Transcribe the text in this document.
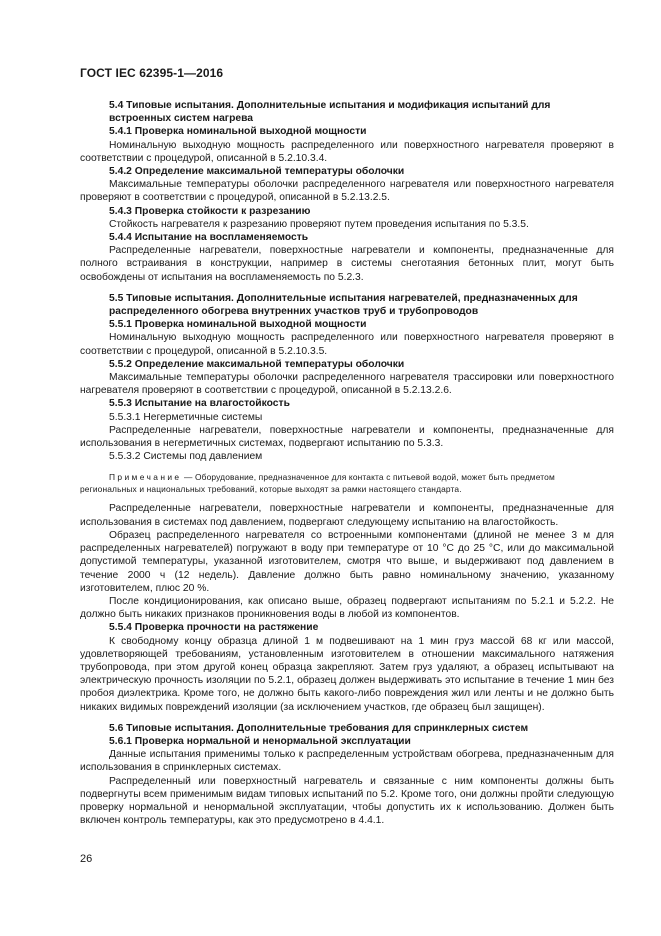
ГОСТ IEC 62395-1—2016
5.4 Типовые испытания. Дополнительные испытания и модификация испытаний для встроенных систем нагрева
5.4.1 Проверка номинальной выходной мощности
Номинальную выходную мощность распределенного или поверхностного нагревателя проверяют в соответствии с процедурой, описанной в 5.2.10.3.4.
5.4.2 Определение максимальной температуры оболочки
Максимальные температуры оболочки распределенного нагревателя или поверхностного нагревателя проверяют в соответствии с процедурой, описанной в 5.2.13.2.5.
5.4.3 Проверка стойкости к разрезанию
Стойкость нагревателя к разрезанию проверяют путем проведения испытания по 5.3.5.
5.4.4 Испытание на воспламеняемость
Распределенные нагреватели, поверхностные нагреватели и компоненты, предназначенные для полного встраивания в конструкции, например в системы снеготаяния бетонных плит, могут быть освобождены от испытания на воспламеняемость по 5.2.3.
5.5 Типовые испытания. Дополнительные испытания нагревателей, предназначенных для распределенного обогрева внутренних участков труб и трубопроводов
5.5.1 Проверка номинальной выходной мощности
Номинальную выходную мощность распределенного или поверхностного нагревателя проверяют в соответствии с процедурой, описанной в 5.2.10.3.5.
5.5.2 Определение максимальной температуры оболочки
Максимальные температуры оболочки распределенного нагревателя трассировки или поверхностного нагревателя проверяют в соответствии с процедурой, описанной в 5.2.13.2.6.
5.5.3 Испытание на влагостойкость
5.5.3.1 Негерметичные системы
Распределенные нагреватели, поверхностные нагреватели и компоненты, предназначенные для использования в негерметичных системах, подвергают испытанию по 5.3.3.
5.5.3.2 Системы под давлением
Примечание — Оборудование, предназначенное для контакта с питьевой водой, может быть предметом региональных и национальных требований, которые выходят за рамки настоящего стандарта.
Распределенные нагреватели, поверхностные нагреватели и компоненты, предназначенные для использования в системах под давлением, подвергают следующему испытанию на влагостойкость.
Образец распределенного нагревателя со встроенными компонентами (длиной не менее 3 м для распределенных нагревателей) погружают в воду при температуре от 10 °С до 25 °С, или до максимальной допустимой температуры, указанной изготовителем, смотря что выше, и выдерживают под давлением в течение 2000 ч (12 недель). Давление должно быть равно номинальному значению, указанному изготовителем, плюс 20 %.
После кондиционирования, как описано выше, образец подвергают испытаниям по 5.2.1 и 5.2.2. Не должно быть никаких признаков проникновения воды в любой из компонентов.
5.5.4 Проверка прочности на растяжение
К свободному концу образца длиной 1 м подвешивают на 1 мин груз массой 68 кг или массой, удовлетворяющей требованиям, установленным изготовителем в отношении максимального натяжения трубопровода, при этом другой конец образца закрепляют. Затем груз удаляют, а образец испытывают на электрическую прочность изоляции по 5.2.1, образец должен выдерживать это испытание в течение 1 мин без пробоя диэлектрика. Кроме того, не должно быть какого-либо повреждения жил или ленты и не должно быть никаких видимых повреждений изоляции (за исключением участков, где образец был защищен).
5.6 Типовые испытания. Дополнительные требования для спринклерных систем
5.6.1 Проверка нормальной и ненормальной эксплуатации
Данные испытания применимы только к распределенным устройствам обогрева, предназначенным для использования в спринклерных системах.
Распределенный или поверхностный нагреватель и связанные с ним компоненты должны быть подвергнуты всем применимым видам типовых испытаний по 5.2. Кроме того, они должны пройти следующую проверку нормальной и ненормальной эксплуатации, чтобы допустить их к использованию. Должен быть включен контроль температуры, как это предусмотрено в 4.4.1.
26
